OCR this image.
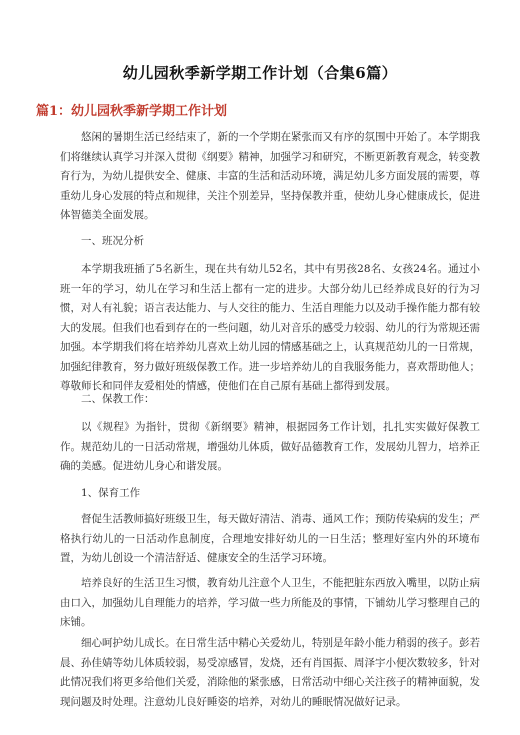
幼儿园秋季新学期工作计划（合集6篇）
篇1：幼儿园秋季新学期工作计划

悠闲的暑期生活已经结束了，新的一个学期在紧张而又有序的氛围中开始了。本学期我们将继续认真学习并深入贯彻《纲要》精神，加强学习和研究，不断更新教育观念，转变教育行为，为幼儿提供安全、健康、丰富的生活和活动环境，满足幼儿多方面发展的需要，尊重幼儿身心发展的特点和规律，关注个别差异，坚持保教并重，使幼儿身心健康成长，促进体智德美全面发展。

一、班况分析

本学期我班插了5名新生，现在共有幼儿52名，其中有男孩28名、女孩24名。通过小班一年的学习，幼儿在学习和生活上都有一定的进步。大部分幼儿已经养成良好的行为习惯，对人有礼貌；语言表达能力、与人交往的能力、生活自理能力以及动手操作能力都有较大的发展。但我们也看到存在的一些问题，幼儿对音乐的感受力较弱、幼儿的行为常规还需加强。本学期我们将在培养幼儿喜欢上幼儿园的情感基础之上，认真规范幼儿的一日常规，加强纪律教育，努力做好班级保教工作。进一步培养幼儿的自我服务能力，喜欢帮助他人；尊敬师长和同伴友爱相处的情感，使他们在自己原有基础上都得到发展。

二、保教工作：

以《规程》为指针，贯彻《新纲要》精神，根据园务工作计划，扎扎实实做好保教工作。规范幼儿的一日活动常规，增强幼儿体质，做好品德教育工作，发展幼儿智力，培养正确的美感。促进幼儿身心和谐发展。

1、保育工作

督促生活教师搞好班级卫生，每天做好清洁、消毒、通风工作；预防传染病的发生；严格执行幼儿的一日活动作息制度，合理地安排好幼儿的一日生活；整理好室内外的环境布置，为幼儿创设一个清洁舒适、健康安全的生活学习环境。

培养良好的生活卫生习惯，教育幼儿注意个人卫生，不能把脏东西放入嘴里，以防止病由口入，加强幼儿自理能力的培养，学习做一些力所能及的事情，下铺幼儿学习整理自己的床铺。

细心呵护幼儿成长。在日常生活中精心关爱幼儿，特别是年龄小能力稍弱的孩子。彭若晨、孙佳婧等幼儿体质较弱，易受凉感冒，发烧，还有肖国振、周泽宇小便次数较多，针对此情况我们将更多给他们关爱，消除他的紧张感，日常活动中细心关注孩子的精神面貌，发现问题及时处理。注意幼儿良好睡姿的培养，对幼儿的睡眠情况做好记录。
